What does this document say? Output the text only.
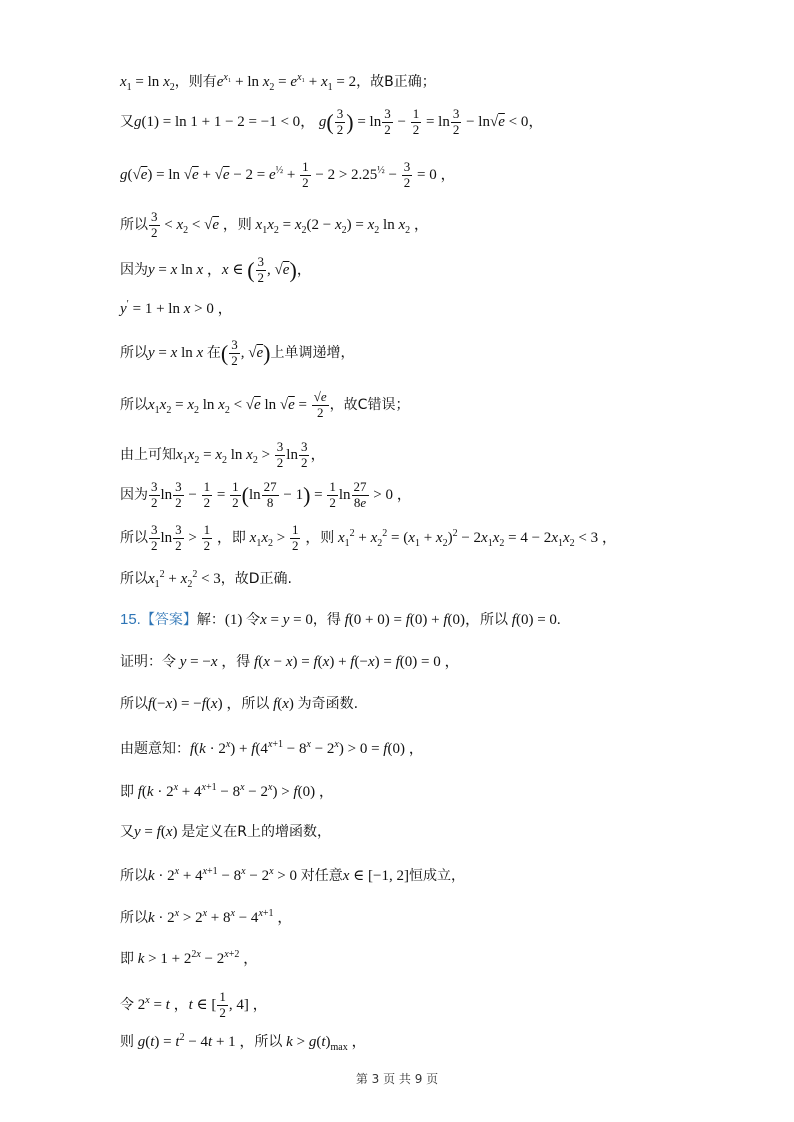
$x_1 = \ln x_2$，则有$e^{x_1} + \ln x_2 = e^{x_1} + x_1 = 2$，故B正确；
又g(1) = ln 1 + 1 − 2 = −1 < 0， $g( \frac{3}{2}$ ) = $\ln \frac{3}{2} - \frac{1}{2} = \ln \frac{3}{2} - \ln√e < 0$，
$g(√e) = \ln √e + √e - 2 = e^{\frac{1}{2}} + \frac{1}{2} - 2 > 2.25^{\frac{1}{2}} - \frac{3}{2} = 0$ ，
所以 $\frac{3}{2} < x_2 < √e$ ，则 $x_1x_2 = x_2(2 - x_2) = x_2$ $\ln x_2$ ，
因为y = x ln x ，x ∈ ( $\frac{3}{2}$ , √e)，
y′ = 1 + ln x > 0 ，
所以y = x ln x 在( $\frac{3}{2}$ , √e)上单调递增，
所以$x_1x_2 = x_2$ $\ln x_2 < √e$ $\ln √e = \frac{√e}{2}$ ，故C错误；
由上可知$x_1x_2 = x_2$ $\ln x_2 > \frac{3}{2}$ $\ln \frac{3}{2}$ ，
因为 $\frac{3}{2}$ $\ln \frac{3}{2} - \frac{1}{2} = \frac{1}{2} (\ln \frac{27}{8} - 1) = \frac{1}{2}$ $\ln \frac{27}{8e} > 0$ ，
所以 $\frac{3}{2}$ $\ln \frac{3}{2} > \frac{1}{2}$ ，即 $x_1x_2 > \frac{1}{2}$ ，则 $x_1^2 + x_2^2 = (x_1 + x_2)^2 - 2x_1x_2 = 4 - 2x_1x_2 < 3$ ，
所以$x_1^2 + x_2^2 < 3$，故D正确.
15.【答案】解：(1) 令x = y = 0，得 f(0 + 0) = f(0) + f(0)，所以 f(0) = 0.
证明：令 y = −x ，得 f(x − x) = f(x) + f(−x) = f(0) = 0 ，
所以f(−x) = −f(x) ，所以 f(x) 为奇函数.
由题意知：$f(k \cdot 2^x) + f(4^{x+1} - 8^x - 2^x) > 0 = f(0)$ ，
即 $f(k \cdot 2^x + 4^{x+1} - 8^x - 2^x) > f(0)$ ，
又y = f(x) 是定义在R上的增函数，
所以$k \cdot 2^x + 4^{x+1} - 8^x - 2^x > 0$ 对任意x ∈ [−1, 2]恒成立，
所以$k \cdot 2^x > 2^x + 8^x - 4^{x+1}$ ，
即 $k > 1 + 2^{2x} - 2^{x+2}$ ，
令 $2^x = t$ ，t ∈ [ $\frac{1}{2}$ , 4] ，
则 $g(t) = t^2 - 4t + 1$ ，所以 $k > g(t)_{max}$ ，
第 3 页 共 9 页
